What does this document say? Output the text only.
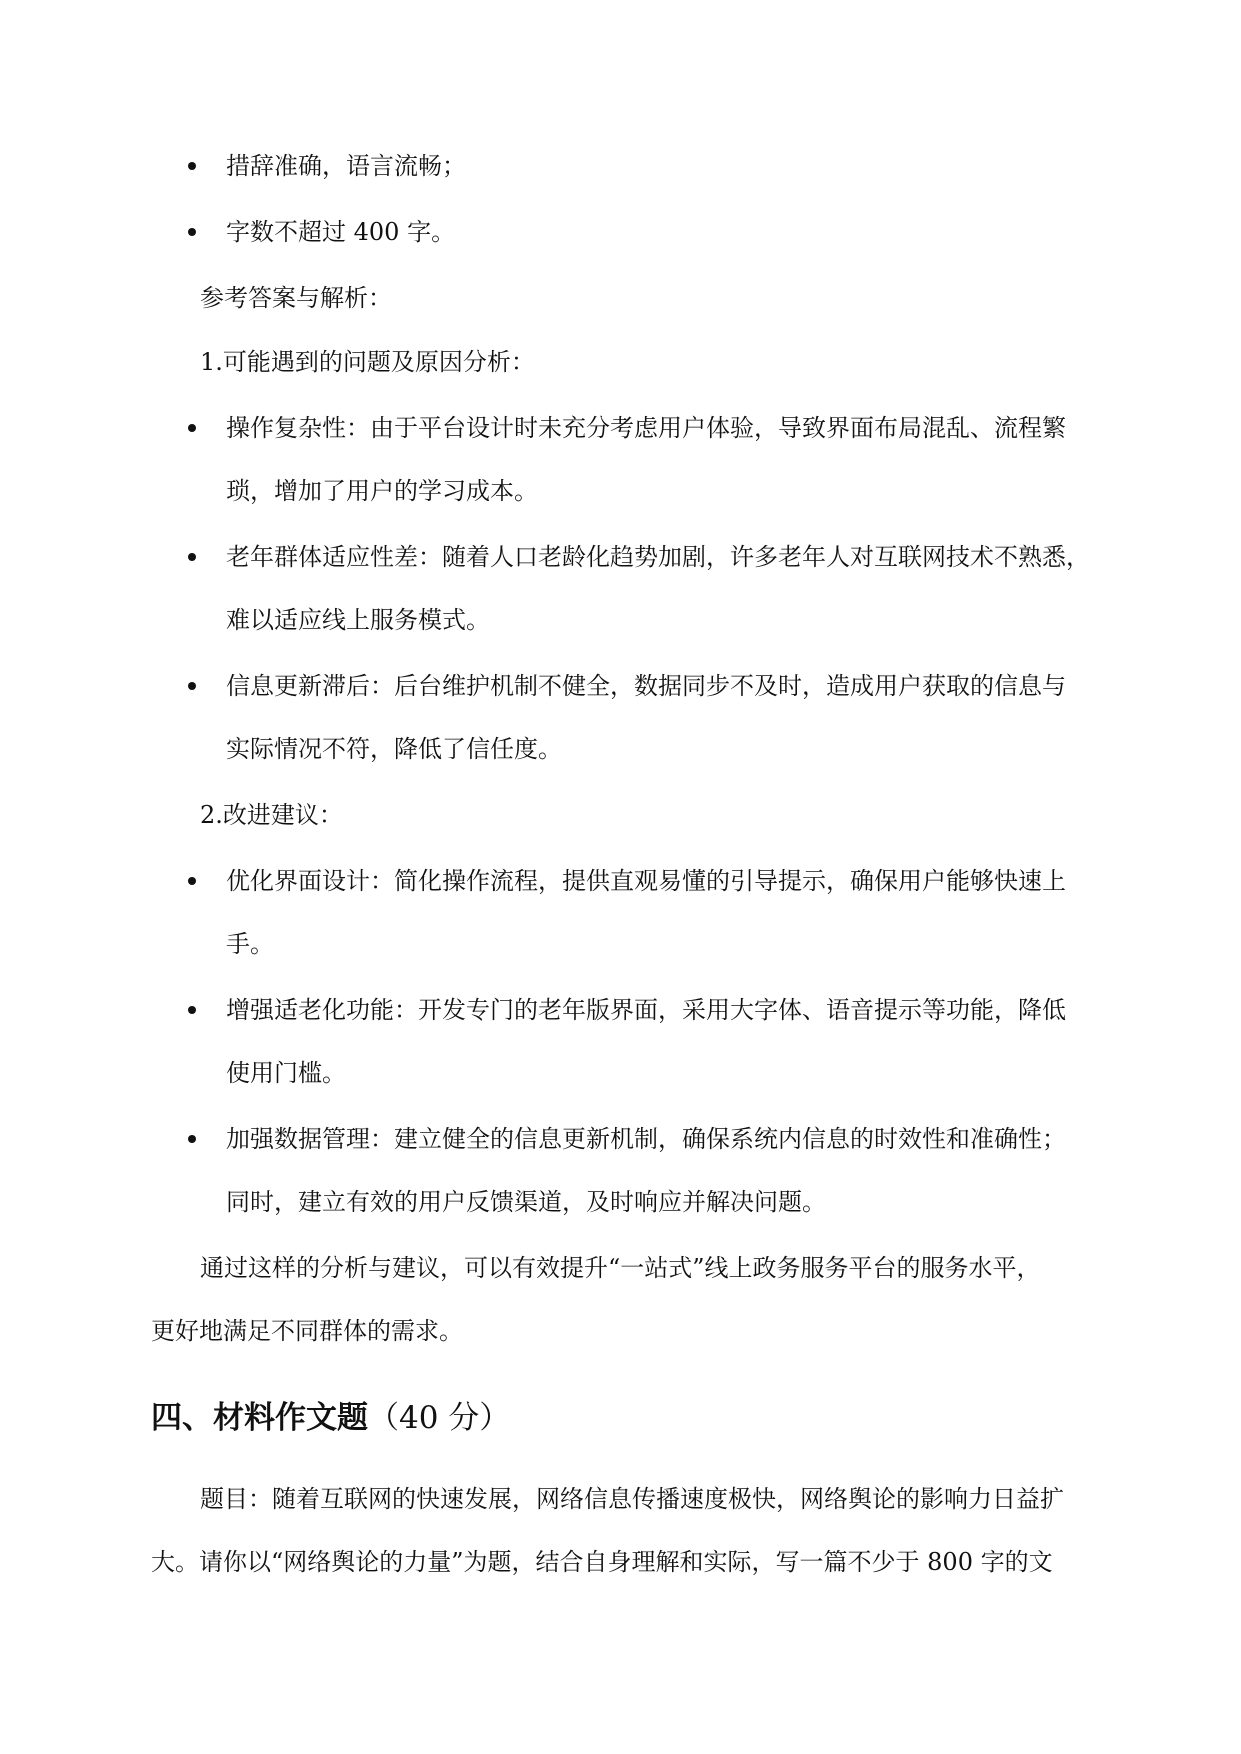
措辞准确，语言流畅；
字数不超过 400 字。
参考答案与解析：
1.可能遇到的问题及原因分析：
操作复杂性：由于平台设计时未充分考虑用户体验，导致界面布局混乱、流程繁
琐，增加了用户的学习成本。
老年群体适应性差：随着人口老龄化趋势加剧，许多老年人对互联网技术不熟悉，
难以适应线上服务模式。
信息更新滞后：后台维护机制不健全，数据同步不及时，造成用户获取的信息与
实际情况不符，降低了信任度。
2.改进建议：
优化界面设计：简化操作流程，提供直观易懂的引导提示，确保用户能够快速上
手。
增强适老化功能：开发专门的老年版界面，采用大字体、语音提示等功能，降低
使用门槛。
加强数据管理：建立健全的信息更新机制，确保系统内信息的时效性和准确性；
同时，建立有效的用户反馈渠道，及时响应并解决问题。
通过这样的分析与建议，可以有效提升“一站式”线上政务服务平台的服务水平，
更好地满足不同群体的需求。
四、材料作文题（40 分）
题目：随着互联网的快速发展，网络信息传播速度极快，网络舆论的影响力日益扩
大。请你以“网络舆论的力量”为题，结合自身理解和实际，写一篇不少于 800 字的文
